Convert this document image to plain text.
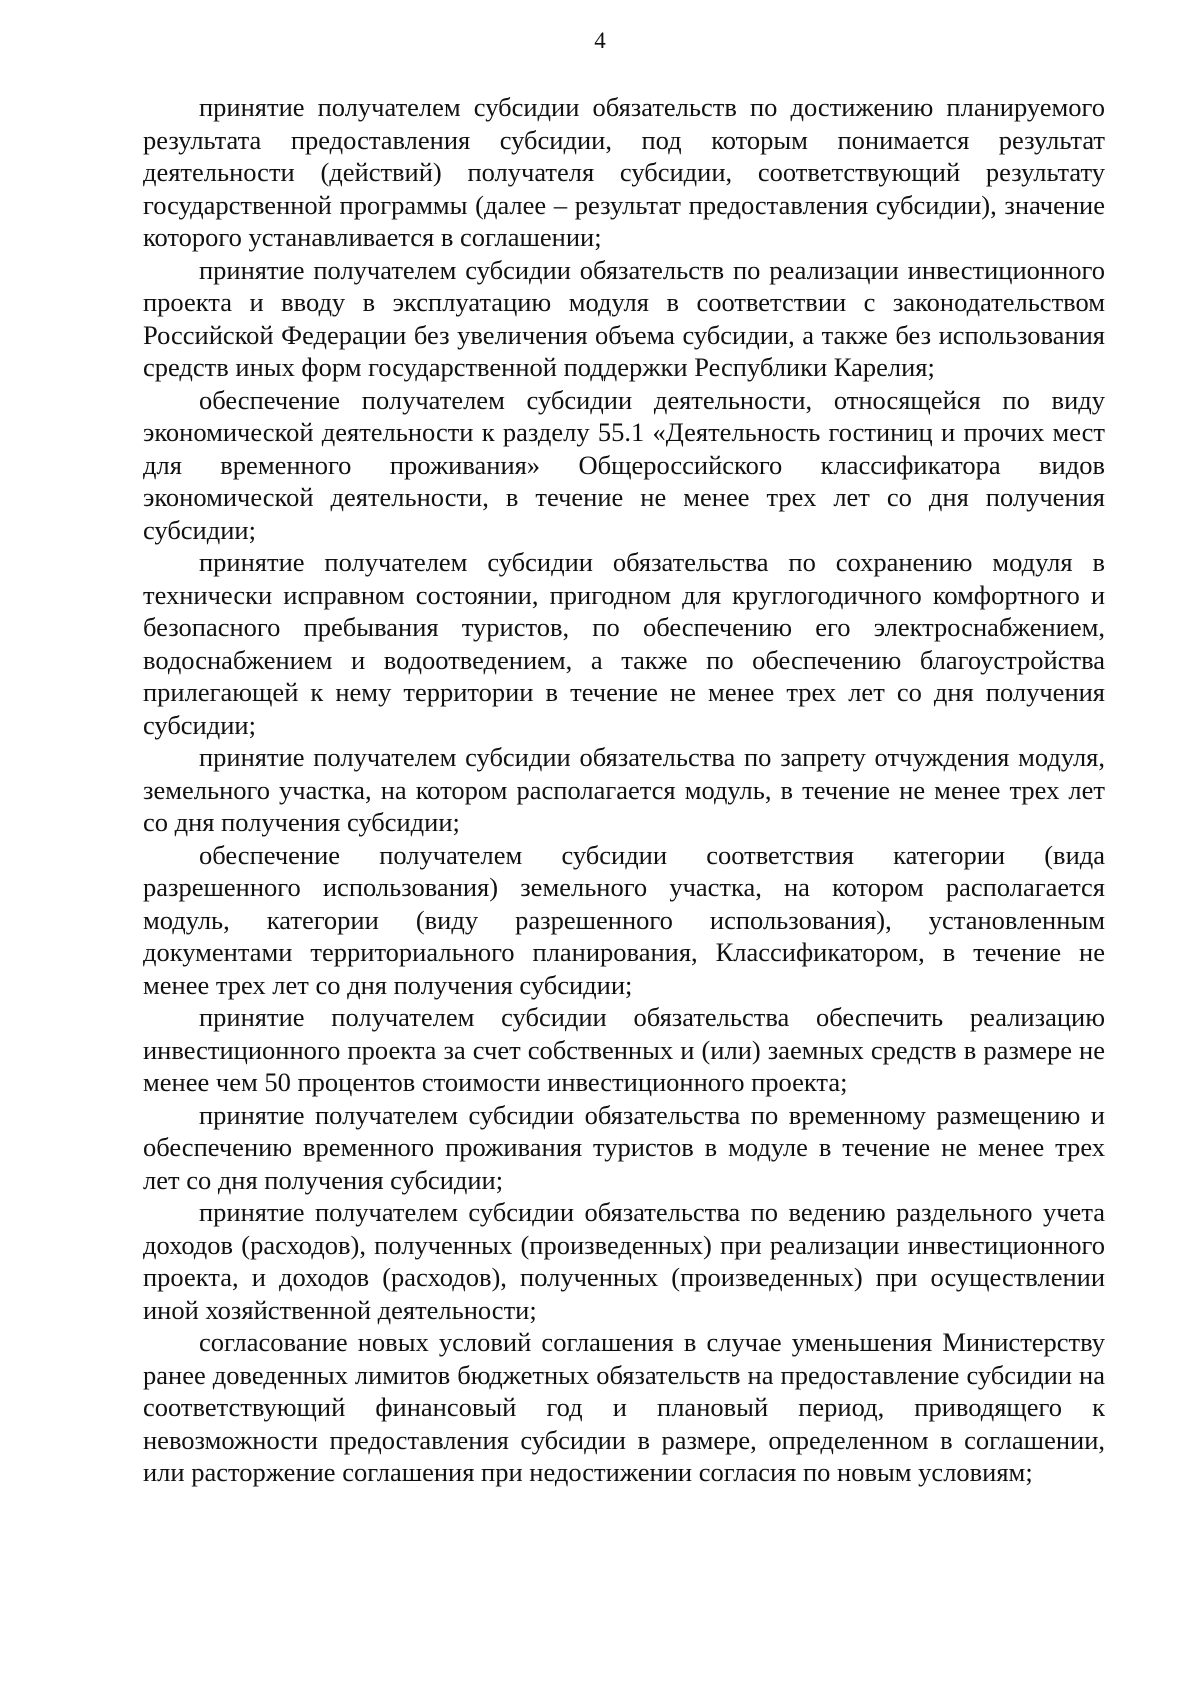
4

принятие получателем субсидии обязательств по достижению планируемого результата предоставления субсидии, под которым понимается результат деятельности (действий) получателя субсидии, соответствующий результату государственной программы (далее – результат предоставления субсидии), значение которого устанавливается в соглашении;

принятие получателем субсидии обязательств по реализации инвестиционного проекта и вводу в эксплуатацию модуля в соответствии с законодательством Российской Федерации без увеличения объема субсидии, а также без использования средств иных форм государственной поддержки Республики Карелия;

обеспечение получателем субсидии деятельности, относящейся по виду экономической деятельности к разделу 55.1 «Деятельность гостиниц и прочих мест для временного проживания» Общероссийского классификатора видов экономической деятельности, в течение не менее трех лет со дня получения субсидии;

принятие получателем субсидии обязательства по сохранению модуля в технически исправном состоянии, пригодном для круглогодичного комфортного и безопасного пребывания туристов, по обеспечению его электроснабжением, водоснабжением и водоотведением, а также по обеспечению благоустройства прилегающей к нему территории в течение не менее трех лет со дня получения субсидии;

принятие получателем субсидии обязательства по запрету отчуждения модуля, земельного участка, на котором располагается модуль, в течение не менее трех лет со дня получения субсидии;

обеспечение получателем субсидии соответствия категории (вида разрешенного использования) земельного участка, на котором располагается модуль, категории (виду разрешенного использования), установленным документами территориального планирования, Классификатором, в течение не менее трех лет со дня получения субсидии;

принятие получателем субсидии обязательства обеспечить реализацию инвестиционного проекта за счет собственных и (или) заемных средств в размере не менее чем 50 процентов стоимости инвестиционного проекта;

принятие получателем субсидии обязательства по временному размещению и обеспечению временного проживания туристов в модуле в течение не менее трех лет со дня получения субсидии;

принятие получателем субсидии обязательства по ведению раздельного учета доходов (расходов), полученных (произведенных) при реализации инвестиционного проекта, и доходов (расходов), полученных (произведенных) при осуществлении иной хозяйственной деятельности;

согласование новых условий соглашения в случае уменьшения Министерству ранее доведенных лимитов бюджетных обязательств на предоставление субсидии на соответствующий финансовый год и плановый период, приводящего к невозможности предоставления субсидии в размере, определенном в соглашении, или расторжение соглашения при недостижении согласия по новым условиям;
